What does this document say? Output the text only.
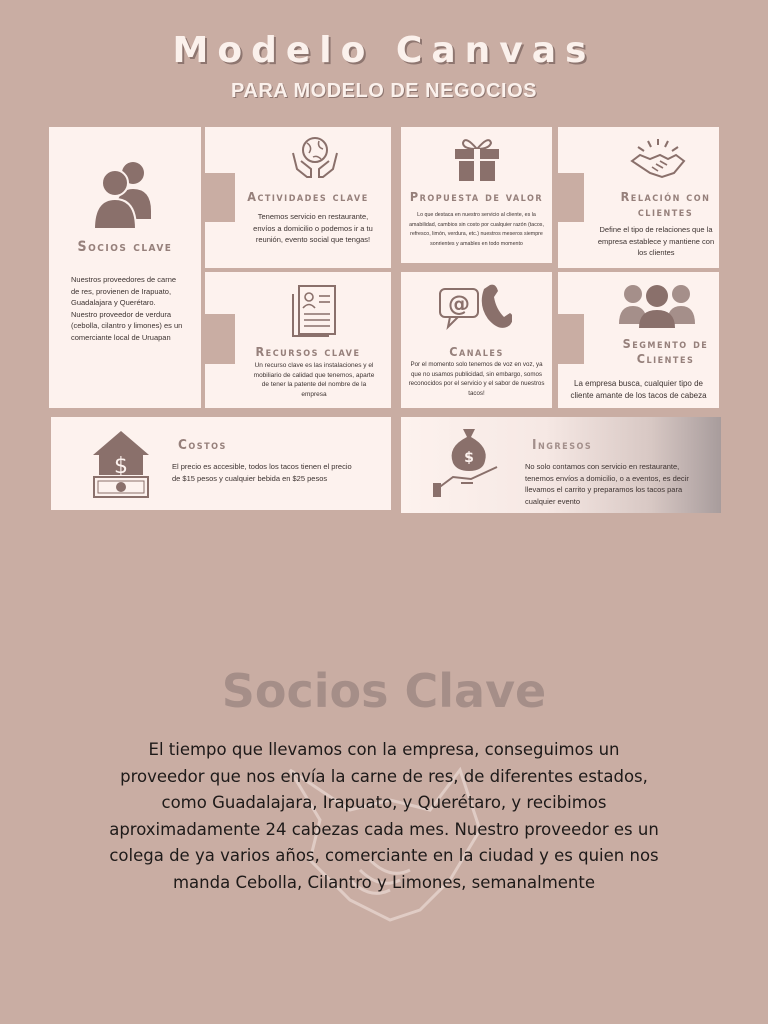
Modelo Canvas
PARA MODELO DE NEGOCIOS
Socios clave
Nuestros proveedores de carne de res, provienen de Irapuato, Guadalajara y Querétaro. Nuestro proveedor de verdura (cebolla, cilantro y limones) es un comerciante local de Uruapan
Actividades clave
Tenemos servicio en restaurante, envíos a domicilio o podemos ir a tu reunión, evento social que tengas!
Recursos clave
Un recurso clave es las instalaciones y el mobiliario de calidad que tenemos, aparte de tener la patente del nombre de la empresa
Propuesta de valor
Lo que destaca en nuestro servicio al cliente, es la amabilidad, cambios sin costo por cualquier razón (tacos, refresco, limón, verdura, etc.) nuestros meseros siempre sonrientes y amables en todo momento
@
Canales
Por el momento solo tenemos de voz en voz, ya que no usamos publicidad, sin embargo, somos reconocidos por el servicio y el sabor de nuestros tacos!
Relación con clientes
Define el tipo de relaciones que la empresa establece y mantiene con los clientes
Segmento de Clientes
La empresa busca, cualquier tipo de cliente amante de los tacos de cabeza
$
Costos
El precio es accesible, todos los tacos tienen el precio de $15 pesos y cualquier bebida en $25 pesos
$
Ingresos
No solo contamos con servicio en restaurante, tenemos envíos a domicilio, o a eventos, es decir llevamos el carrito y preparamos los tacos para cualquier evento
Socios Clave
El tiempo que llevamos con la empresa, conseguimos un proveedor que nos envía la carne de res, de diferentes estados, como Guadalajara, Irapuato, y Querétaro, y recibimos aproximadamente 24 cabezas cada mes. Nuestro proveedor es un colega de ya varios años, comerciante en la ciudad y es quien nos manda Cebolla, Cilantro y Limones, semanalmente
